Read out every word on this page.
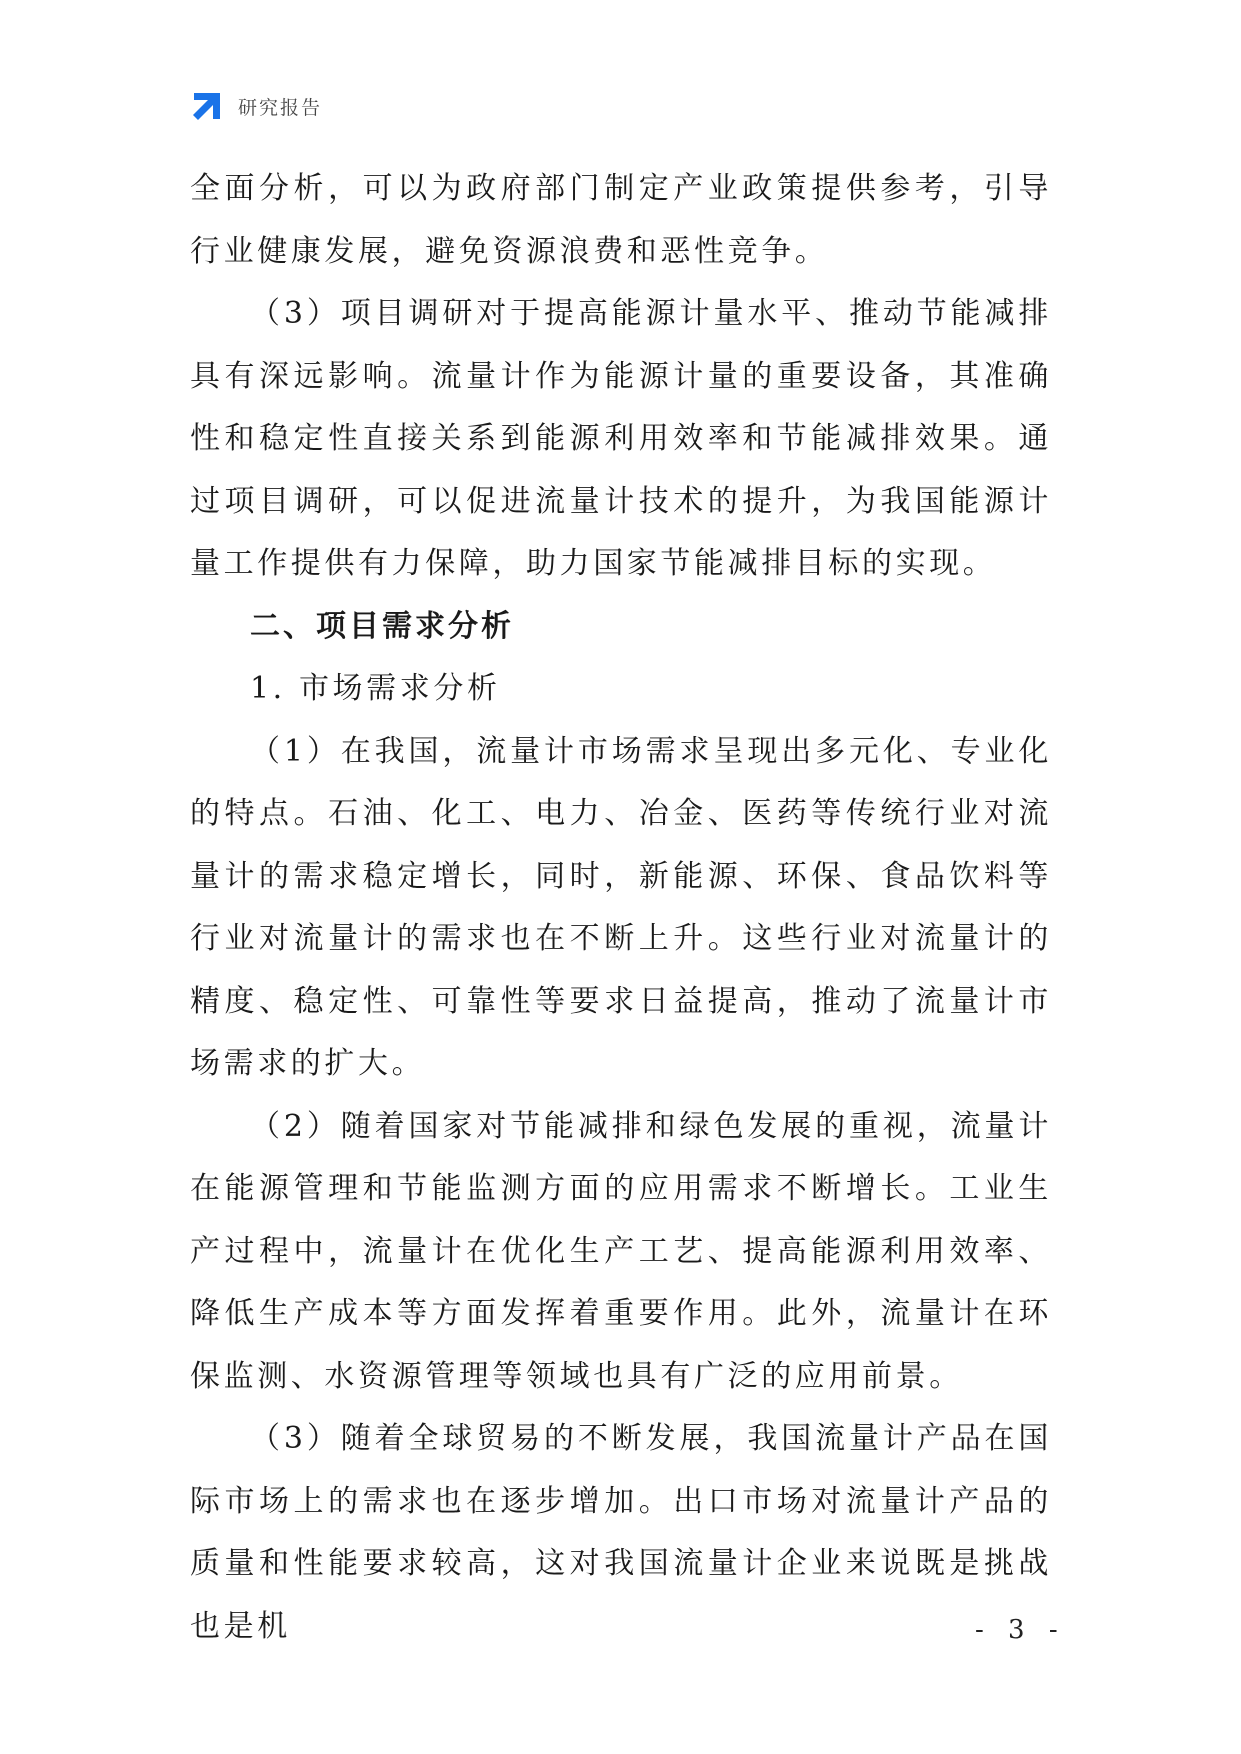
研究报告

全面分析，可以为政府部门制定产业政策提供参考，引导行业健康发展，避免资源浪费和恶性竞争。

（3）项目调研对于提高能源计量水平、推动节能减排具有深远影响。流量计作为能源计量的重要设备，其准确性和稳定性直接关系到能源利用效率和节能减排效果。通过项目调研，可以促进流量计技术的提升，为我国能源计量工作提供有力保障，助力国家节能减排目标的实现。

二、项目需求分析
1. 市场需求分析

（1）在我国，流量计市场需求呈现出多元化、专业化的特点。石油、化工、电力、冶金、医药等传统行业对流量计的需求稳定增长，同时，新能源、环保、食品饮料等行业对流量计的需求也在不断上升。这些行业对流量计的精度、稳定性、可靠性等要求日益提高，推动了流量计市场需求的扩大。

（2）随着国家对节能减排和绿色发展的重视，流量计在能源管理和节能监测方面的应用需求不断增长。工业生产过程中，流量计在优化生产工艺、提高能源利用效率、降低生产成本等方面发挥着重要作用。此外，流量计在环保监测、水资源管理等领域也具有广泛的应用前景。

（3）随着全球贸易的不断发展，我国流量计产品在国际市场上的需求也在逐步增加。出口市场对流量计产品的质量和性能要求较高，这对我国流量计企业来说既是挑战也是机	- 3 -
